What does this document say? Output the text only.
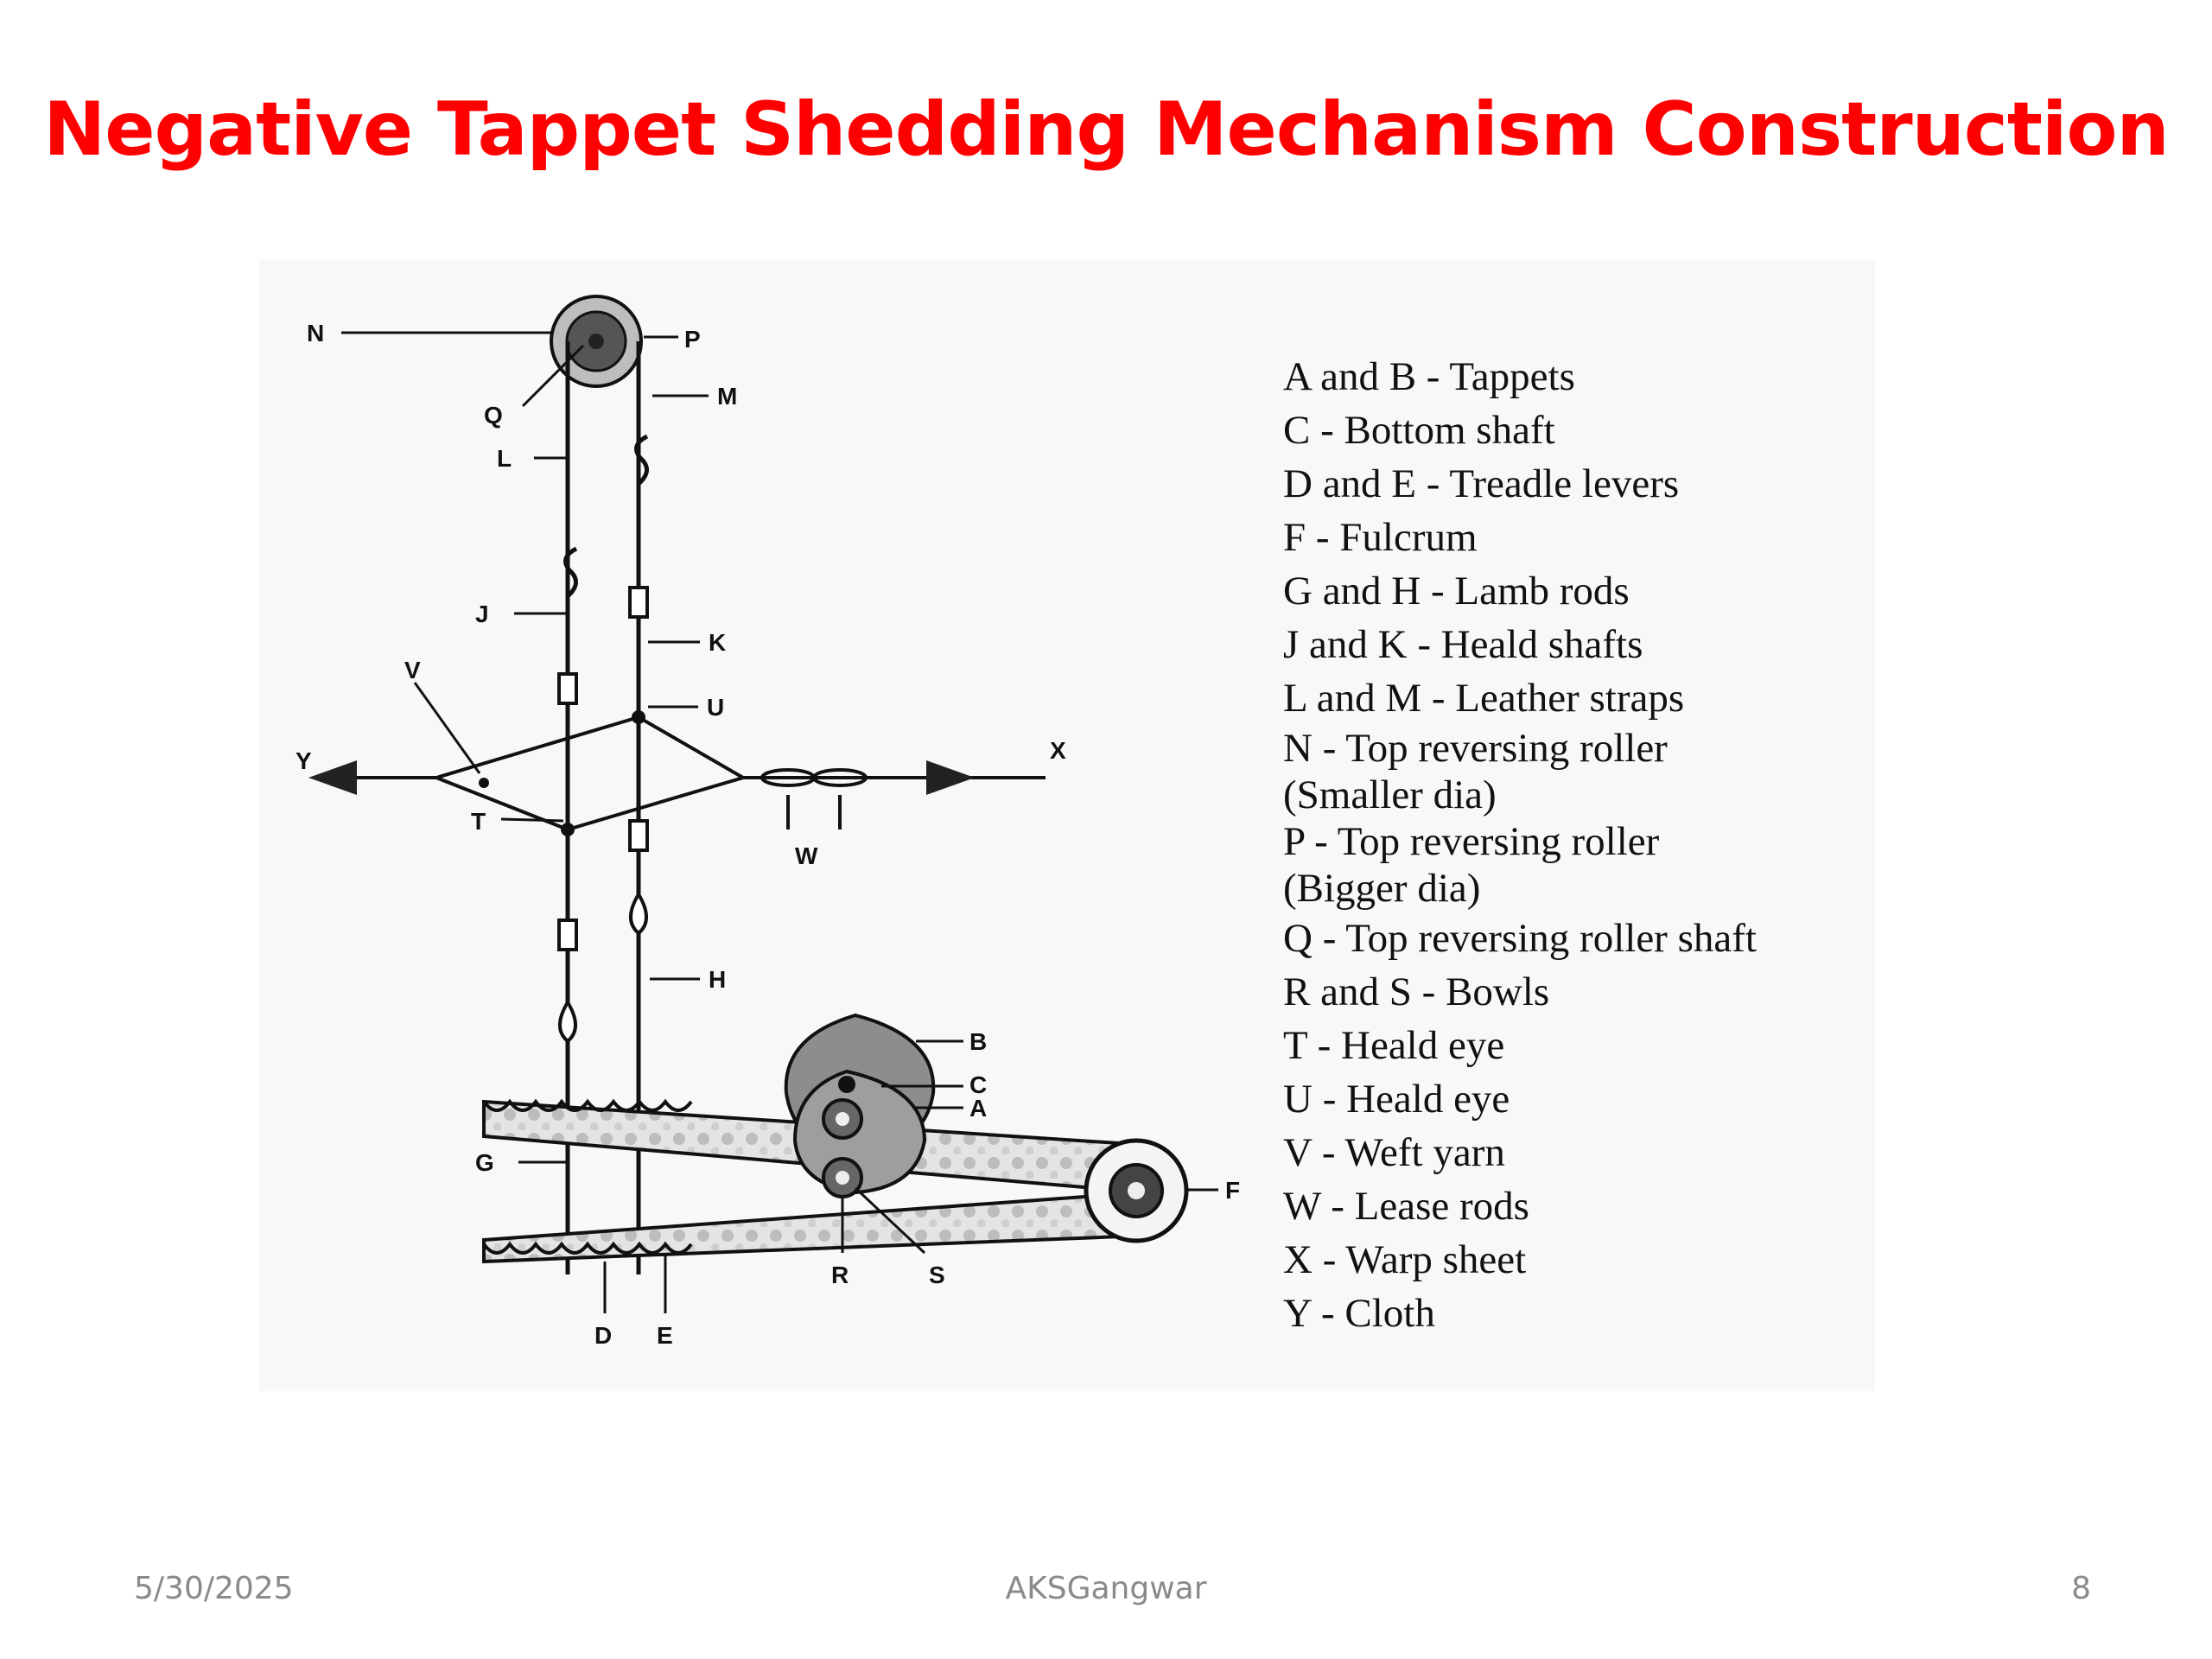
Negative Tappet Shedding Mechanism Construction
N	P
Q
M
L
J
K
V
U
Y	X
T
W
H
B
C
A
G
F
R	S
D E
A and B - Tappets
C - Bottom shaft
D and E - Treadle levers
F - Fulcrum
G and H - Lamb rods
J and K - Heald shafts
L and M - Leather straps
N - Top reversing roller
(Smaller dia)
P - Top reversing roller
(Bigger dia)
Q - Top reversing roller shaft
R and S - Bowls
T - Heald eye
U - Heald eye
V - Weft yarn
W - Lease rods
X - Warp sheet
Y - Cloth
5/30/2025	AKSGangwar	8
